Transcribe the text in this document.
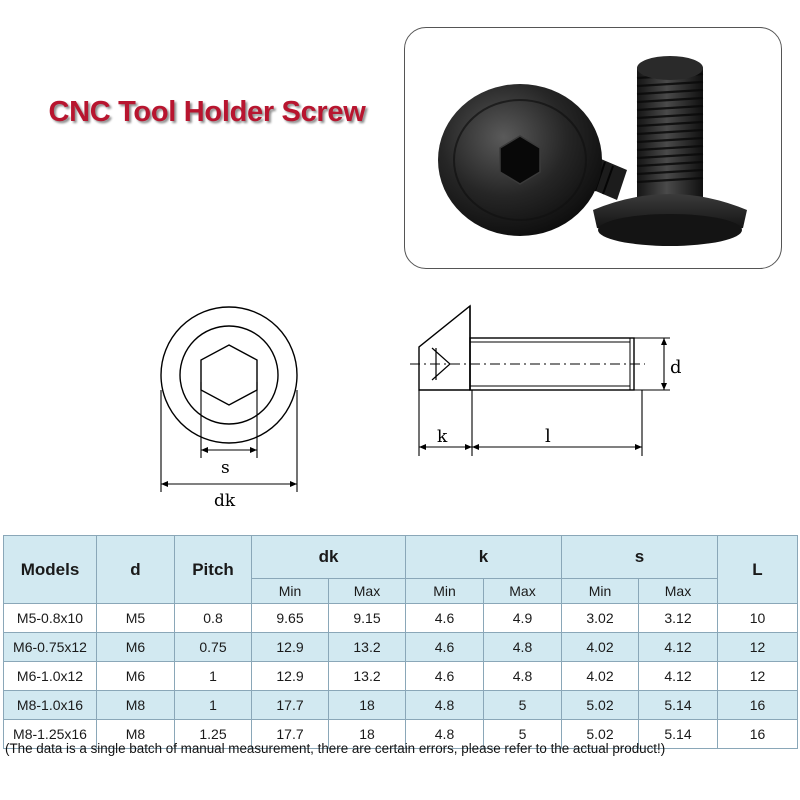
CNC Tool Holder Screw
s
dk
k	l
d
Models	d	Pitch	dk		k		s		L
			Min	Max	Min	Max	Min	Max	
M5-0.8x10	M5	0.8	9.65	9.15	4.6	4.9	3.02	3.12	10
M6-0.75x12	M6	0.75	12.9	13.2	4.6	4.8	4.02	4.12	12
M6-1.0x12	M6	1	12.9	13.2	4.6	4.8	4.02	4.12	12
M8-1.0x16	M8	1	17.7	18	4.8	5	5.02	5.14	16
M8-1.25x16	M8	1.25	17.7	18	4.8	5	5.02	5.14	16
(The data is a single batch of manual measurement, there are certain errors, please refer to the actual product!)
